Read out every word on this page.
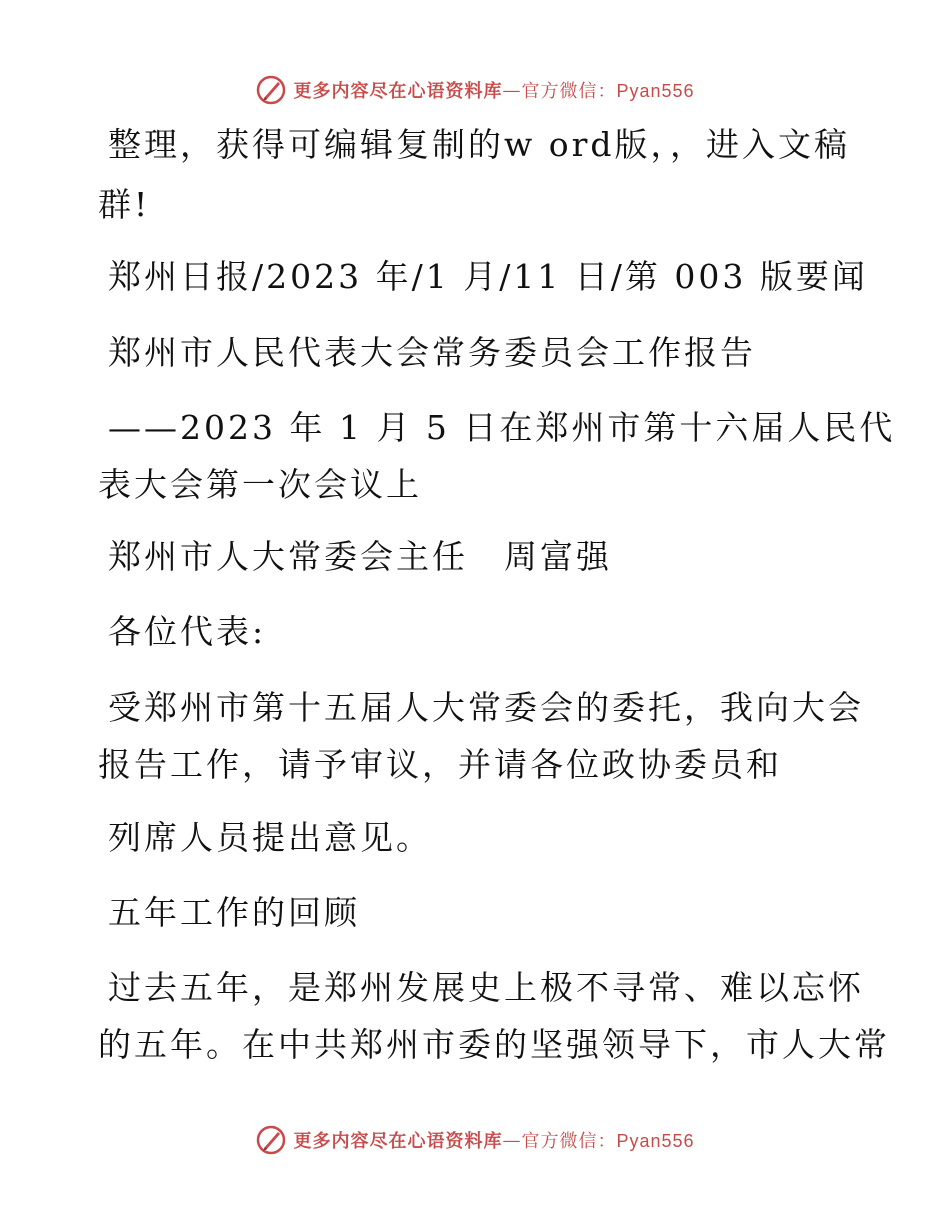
更多内容尽在心语资料库 — 官方微信：Pyan556
整理，获得可编辑复制的w ord版，，进入文稿
群!
郑州日报/2023 年/1 月/11 日/第 003 版要闻
郑州市人民代表大会常务委员会工作报告
——2023 年 1 月 5 日在郑州市第十六届人民代
表大会第一次会议上
郑州市人大常委会主任　周富强
各位代表:
受郑州市第十五届人大常委会的委托，我向大会
报告工作，请予审议，并请各位政协委员和
列席人员提出意见。
五年工作的回顾
过去五年，是郑州发展史上极不寻常、难以忘怀
的五年。在中共郑州市委的坚强领导下，市人大常
更多内容尽在心语资料库 — 官方微信：Pyan556
